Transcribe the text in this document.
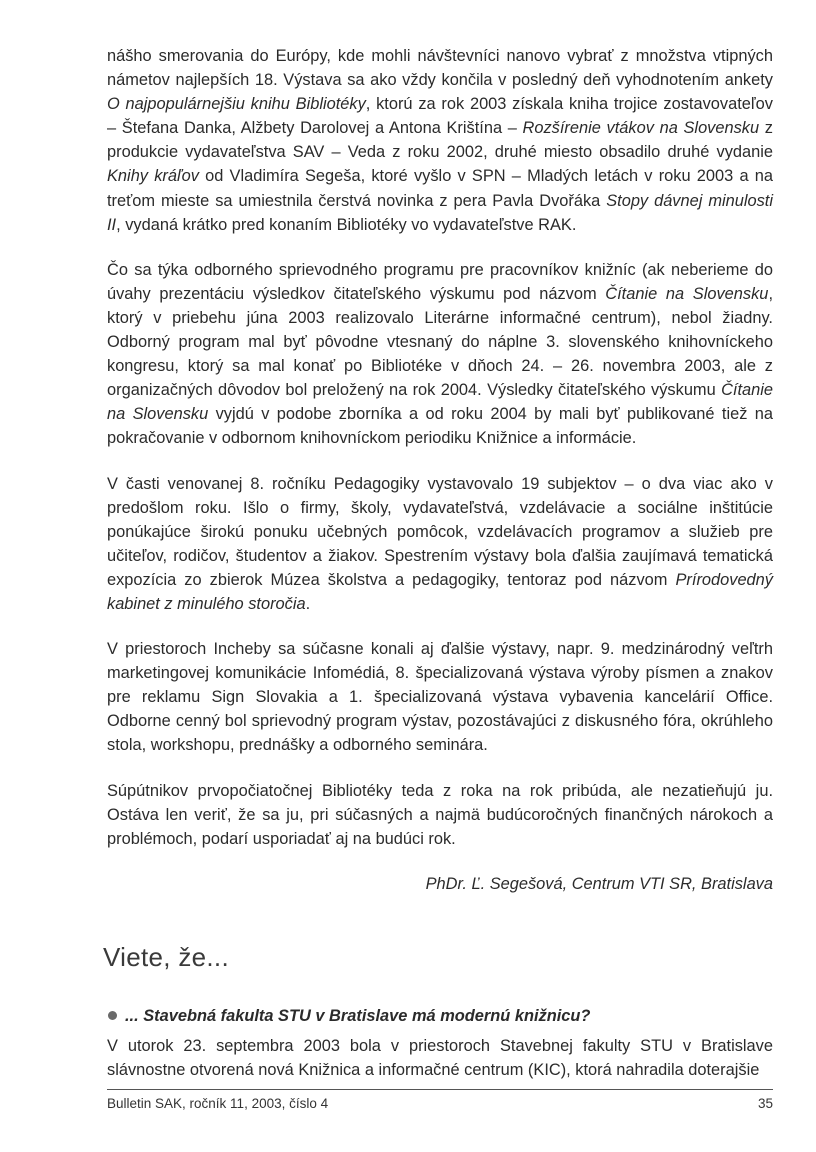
nášho smerovania do Európy, kde mohli návštevníci nanovo vybrať z množstva vtipných námetov najlepších 18. Výstava sa ako vždy končila v posledný deň vyhodnotením ankety O najpopulárnejšiu knihu Bibliotéky, ktorú za rok 2003 získala kniha trojice zostavovateľov – Štefana Danka, Alžbety Darolovej a Antona Krištína – Rozšírenie vtákov na Slovensku z produkcie vydavateľstva SAV – Veda z roku 2002, druhé miesto obsadilo druhé vydanie Knihy kráľov od Vladimíra Segeša, ktoré vyšlo v SPN – Mladých letách v roku 2003 a na treťom mieste sa umiestnila čerstvá novinka z pera Pavla Dvořáka Stopy dávnej minulosti II, vydaná krátko pred konaním Bibliotéky vo vydavateľstve RAK.

Čo sa týka odborného sprievodného programu pre pracovníkov knižníc (ak neberieme do úvahy prezentáciu výsledkov čitateľského výskumu pod názvom Čítanie na Slovensku, ktorý v priebehu júna 2003 realizovalo Literárne informačné centrum), nebol žiadny. Odborný program mal byť pôvodne vtesnaný do náplne 3. slovenského knihovníckeho kongresu, ktorý sa mal konať po Bibliotéke v dňoch 24. – 26. novembra 2003, ale z organizačných dôvodov bol preložený na rok 2004. Výsledky čitateľského výskumu Čítanie na Slovensku vyjdú v podobe zborníka a od roku 2004 by mali byť publikované tiež na pokračovanie v odbornom knihovníckom periodiku Knižnice a informácie.

V časti venovanej 8. ročníku Pedagogiky vystavovalo 19 subjektov – o dva viac ako v predošlom roku. Išlo o firmy, školy, vydavateľstvá, vzdelávacie a sociálne inštitúcie ponúkajúce širokú ponuku učebných pomôcok, vzdelávacích programov a služieb pre učiteľov, rodičov, študentov a žiakov. Spestrením výstavy bola ďalšia zaujímavá tematická expozícia zo zbierok Múzea školstva a pedagogiky, tentoraz pod názvom Prírodovedný kabinet z minulého storočia.

V priestoroch Incheby sa súčasne konali aj ďalšie výstavy, napr. 9. medzinárodný veľtrh marketingovej komunikácie Infomédiá, 8. špecializovaná výstava výroby písmen a znakov pre reklamu Sign Slovakia a 1. špecializovaná výstava vybavenia kancelárií Office. Odborne cenný bol sprievodný program výstav, pozostávajúci z diskusného fóra, okrúhleho stola, workshopu, prednášky a odborného seminára.

Súpútnikov prvopočiatočnej Bibliotéky teda z roka na rok pribúda, ale nezatieňujú ju. Ostáva len veriť, že sa ju, pri súčasných a najmä budúcoročných finančných nárokoch a problémoch, podarí usporiadať aj na budúci rok.

PhDr. Ľ. Segešová, Centrum VTI SR, Bratislava
Viete, že...
... Stavebná fakulta STU v Bratislave má modernú knižnicu?
V utorok 23. septembra 2003 bola v priestoroch Stavebnej fakulty STU v Bratislave slávnostne otvorená nová Knižnica a informačné centrum (KIC), ktorá nahradila doterajšie
Bulletin SAK, ročník 11, 2003, číslo 4	35
